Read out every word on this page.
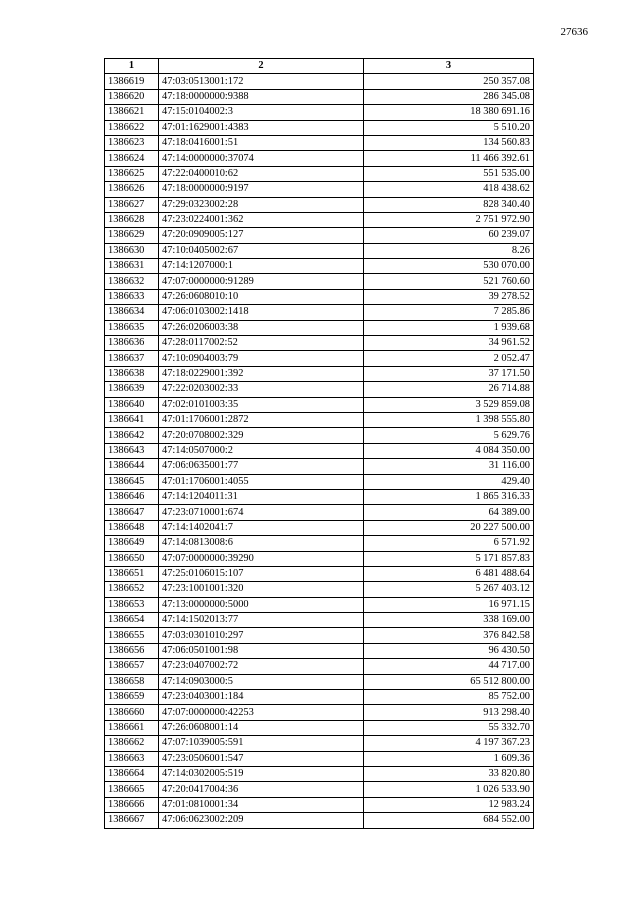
27636
1	2	3
1386619	47:03:0513001:172	250 357.08
1386620	47:18:0000000:9388	286 345.08
1386621	47:15:0104002:3	18 380 691.16
1386622	47:01:1629001:4383	5 510.20
1386623	47:18:0416001:51	134 560.83
1386624	47:14:0000000:37074	11 466 392.61
1386625	47:22:0400010:62	551 535.00
1386626	47:18:0000000:9197	418 438.62
1386627	47:29:0323002:28	828 340.40
1386628	47:23:0224001:362	2 751 972.90
1386629	47:20:0909005:127	60 239.07
1386630	47:10:0405002:67	8.26
1386631	47:14:1207000:1	530 070.00
1386632	47:07:0000000:91289	521 760.60
1386633	47:26:0608010:10	39 278.52
1386634	47:06:0103002:1418	7 285.86
1386635	47:26:0206003:38	1 939.68
1386636	47:28:0117002:52	34 961.52
1386637	47:10:0904003:79	2 052.47
1386638	47:18:0229001:392	37 171.50
1386639	47:22:0203002:33	26 714.88
1386640	47:02:0101003:35	3 529 859.08
1386641	47:01:1706001:2872	1 398 555.80
1386642	47:20:0708002:329	5 629.76
1386643	47:14:0507000:2	4 084 350.00
1386644	47:06:0635001:77	31 116.00
1386645	47:01:1706001:4055	429.40
1386646	47:14:1204011:31	1 865 316.33
1386647	47:23:0710001:674	64 389.00
1386648	47:14:1402041:7	20 227 500.00
1386649	47:14:0813008:6	6 571.92
1386650	47:07:0000000:39290	5 171 857.83
1386651	47:25:0106015:107	6 481 488.64
1386652	47:23:1001001:320	5 267 403.12
1386653	47:13:0000000:5000	16 971.15
1386654	47:14:1502013:77	338 169.00
1386655	47:03:0301010:297	376 842.58
1386656	47:06:0501001:98	96 430.50
1386657	47:23:0407002:72	44 717.00
1386658	47:14:0903000:5	65 512 800.00
1386659	47:23:0403001:184	85 752.00
1386660	47:07:0000000:42253	913 298.40
1386661	47:26:0608001:14	55 332.70
1386662	47:07:1039005:591	4 197 367.23
1386663	47:23:0506001:547	1 609.36
1386664	47:14:0302005:519	33 820.80
1386665	47:20:0417004:36	1 026 533.90
1386666	47:01:0810001:34	12 983.24
1386667	47:06:0623002:209	684 552.00
